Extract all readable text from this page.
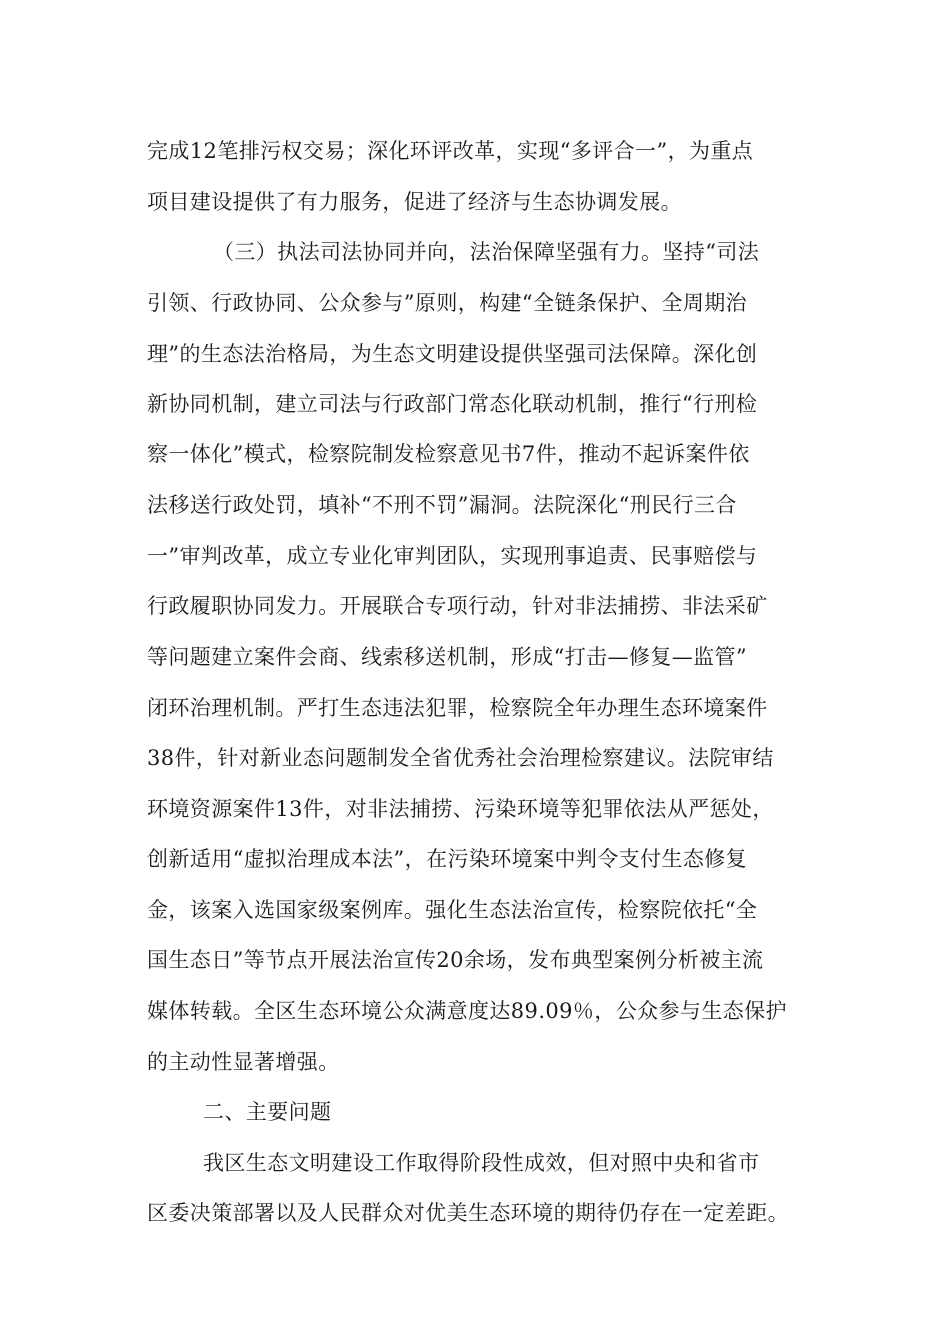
完成12笔排污权交易；深化环评改革，实现“多评合一”，为重点

项目建设提供了有力服务，促进了经济与生态协调发展。

（三）执法司法协同并向，法治保障坚强有力。坚持“司法

引领、行政协同、公众参与”原则，构建“全链条保护、全周期治

理”的生态法治格局，为生态文明建设提供坚强司法保障。深化创

新协同机制，建立司法与行政部门常态化联动机制，推行“行刑检

察一体化”模式，检察院制发检察意见书7件，推动不起诉案件依

法移送行政处罚，填补“不刑不罚”漏洞。法院深化“刑民行三合

一”审判改革，成立专业化审判团队，实现刑事追责、民事赔偿与

行政履职协同发力。开展联合专项行动，针对非法捕捞、非法采矿

等问题建立案件会商、线索移送机制，形成“打击—修复—监管”

闭环治理机制。严打生态违法犯罪，检察院全年办理生态环境案件

38件，针对新业态问题制发全省优秀社会治理检察建议。法院审结

环境资源案件13件，对非法捕捞、污染环境等犯罪依法从严惩处，

创新适用“虚拟治理成本法”，在污染环境案中判令支付生态修复

金，该案入选国家级案例库。强化生态法治宣传，检察院依托“全

国生态日”等节点开展法治宣传20余场，发布典型案例分析被主流

媒体转载。全区生态环境公众满意度达89.09％，公众参与生态保护

的主动性显著增强。

二、主要问题

我区生态文明建设工作取得阶段性成效，但对照中央和省市

区委决策部署以及人民群众对优美生态环境的期待仍存在一定差距。
